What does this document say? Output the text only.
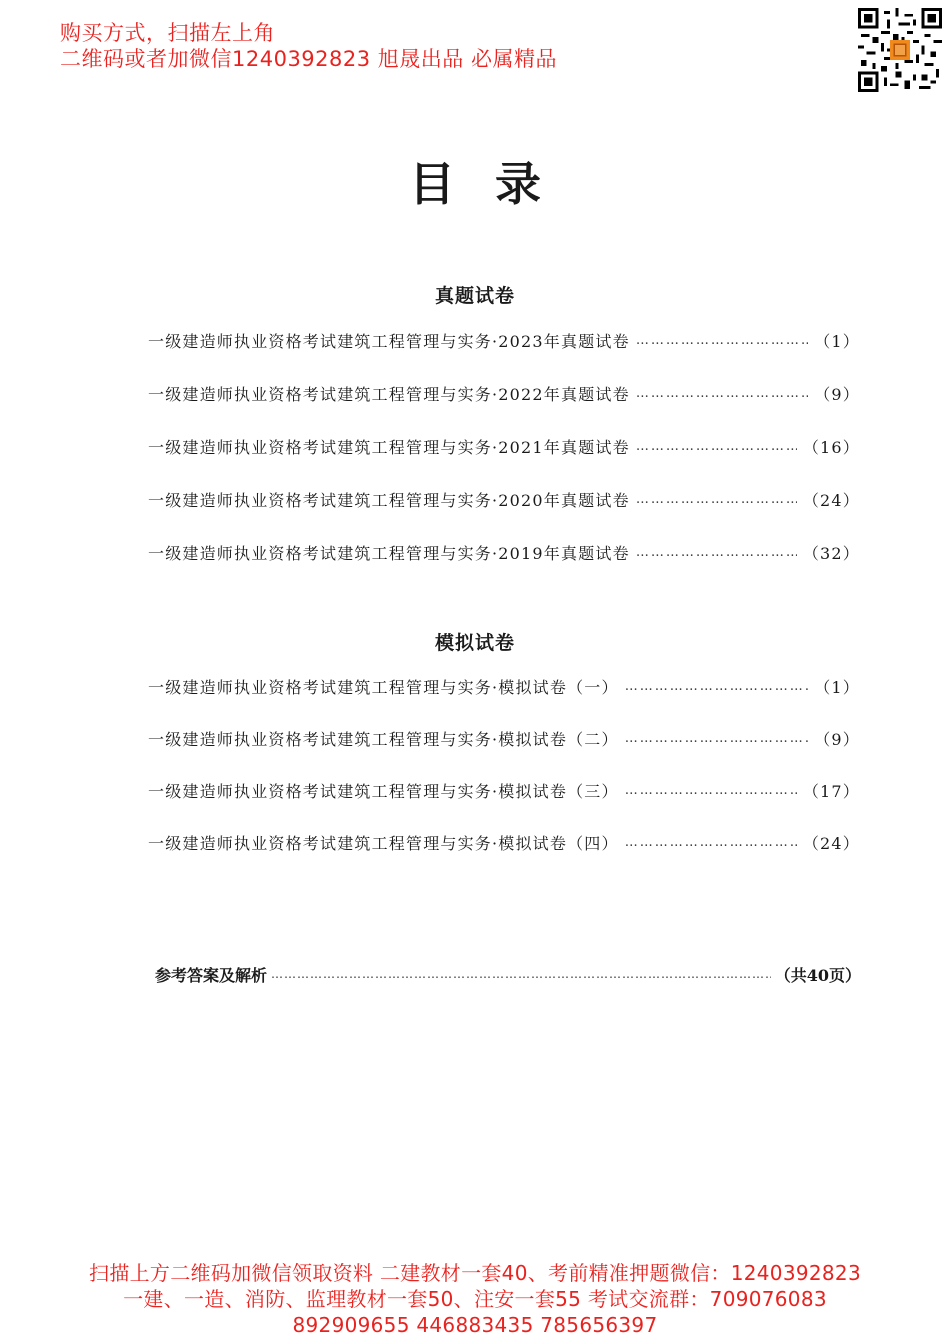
购买方式，扫描左上角
二维码或者加微信1240392823 旭晟出品 必属精品
目录
真题试卷
一级建造师执业资格考试建筑工程管理与实务·2023年真题试卷 ………………………………………………………………………………………………………………………………	（1）
一级建造师执业资格考试建筑工程管理与实务·2022年真题试卷 ………………………………………………………………………………………………………………………………	（9）
一级建造师执业资格考试建筑工程管理与实务·2021年真题试卷 ………………………………………………………………………………………………………………………………	（16）
一级建造师执业资格考试建筑工程管理与实务·2020年真题试卷 ………………………………………………………………………………………………………………………………	（24）
一级建造师执业资格考试建筑工程管理与实务·2019年真题试卷 ………………………………………………………………………………………………………………………………	（32）
模拟试卷
一级建造师执业资格考试建筑工程管理与实务·模拟试卷（一） ………………………………………………………………………………………………………………………………	（1）
一级建造师执业资格考试建筑工程管理与实务·模拟试卷（二） ………………………………………………………………………………………………………………………………	（9）
一级建造师执业资格考试建筑工程管理与实务·模拟试卷（三） ………………………………………………………………………………………………………………………………	（17）
一级建造师执业资格考试建筑工程管理与实务·模拟试卷（四） ………………………………………………………………………………………………………………………………	（24）
参考答案及解析 …………………………………………………………………………………………………………………………………………………	（共40页）
扫描上方二维码加微信领取资料 二建教材一套40、考前精准押题微信：1240392823
一建、一造、消防、监理教材一套50、注安一套55 考试交流群：709076083
892909655 446883435 785656397
